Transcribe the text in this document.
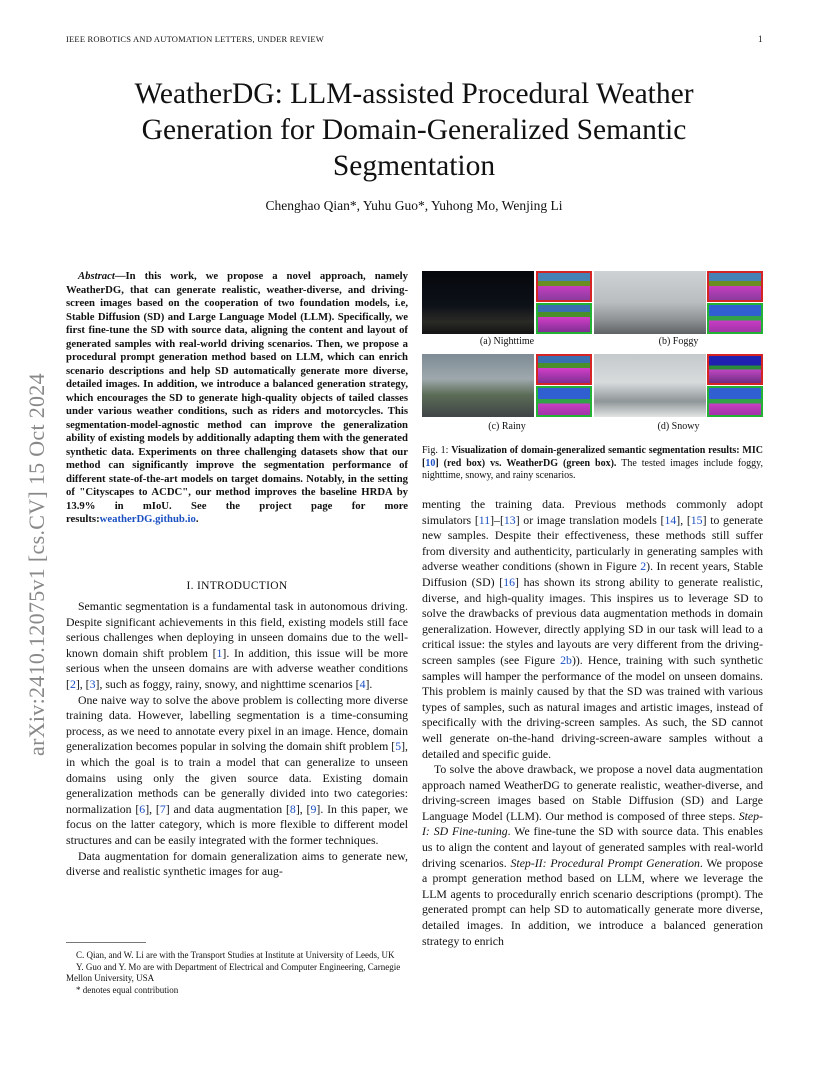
IEEE ROBOTICS AND AUTOMATION LETTERS, UNDER REVIEW	1
arXiv:2410.12075v1 [cs.CV] 15 Oct 2024
WeatherDG: LLM-assisted Procedural Weather Generation for Domain-Generalized Semantic Segmentation
Chenghao Qian*, Yuhu Guo*, Yuhong Mo, Wenjing Li

Abstract—In this work, we propose a novel approach, namely WeatherDG, that can generate realistic, weather-diverse, and driving-screen images based on the cooperation of two foundation models, i.e, Stable Diffusion (SD) and Large Language Model (LLM). Specifically, we first fine-tune the SD with source data, aligning the content and layout of generated samples with real-world driving scenarios. Then, we propose a procedural prompt generation method based on LLM, which can enrich scenario descriptions and help SD automatically generate more diverse, detailed images. In addition, we introduce a balanced generation strategy, which encourages the SD to generate high-quality objects of tailed classes under various weather conditions, such as riders and motorcycles. This segmentation-model-agnostic method can improve the generalization ability of existing models by additionally adapting them with the generated synthetic data. Experiments on three challenging datasets show that our method can significantly improve the segmentation performance of different state-of-the-art models on target domains. Notably, in the setting of "Cityscapes to ACDC", our method improves the baseline HRDA by 13.9% in mIoU. See the project page for more results:weatherDG.github.io.

I. INTRODUCTION

Semantic segmentation is a fundamental task in autonomous driving. Despite significant achievements in this field, existing models still face serious challenges when deploying in unseen domains due to the well-known domain shift problem [1]. In addition, this issue will be more serious when the unseen domains are with adverse weather conditions [2], [3], such as foggy, rainy, snowy, and nighttime scenarios [4].

One naive way to solve the above problem is collecting more diverse training data. However, labelling segmentation is a time-consuming process, as we need to annotate every pixel in an image. Hence, domain generalization becomes popular in solving the domain shift problem [5], in which the goal is to train a model that can generalize to unseen domains using only the given source data. Existing domain generalization methods can be generally divided into two categories: normalization [6], [7] and data augmentation [8], [9]. In this paper, we focus on the latter category, which is more flexible to different model structures and can be easily integrated with the former techniques.

Data augmentation for domain generalization aims to generate new, diverse and realistic synthetic images for aug-

C. Qian, and W. Li are with the Transport Studies at Institute at University of Leeds, UK

Y. Guo and Y. Mo are with Department of Electrical and Computer Engineering, Carnegie Mellon University, USA

* denotes equal contribution

(a) Nighttime	(b) Foggy
(c) Rainy	(d) Snowy
Fig. 1: Visualization of domain-generalized semantic segmentation results: MIC [10] (red box) vs. WeatherDG (green box). The tested images include foggy, nighttime, snowy, and rainy scenarios.

menting the training data. Previous methods commonly adopt simulators [11]–[13] or image translation models [14], [15] to generate new samples. Despite their effectiveness, these methods still suffer from diversity and authenticity, particularly in generating samples with adverse weather conditions (shown in Figure 2). In recent years, Stable Diffusion (SD) [16] has shown its strong ability to generate realistic, diverse, and high-quality images. This inspires us to leverage SD to solve the drawbacks of previous data augmentation methods in domain generalization. However, directly applying SD in our task will lead to a critical issue: the styles and layouts are very different from the driving-screen samples (see Figure 2b)). Hence, training with such synthetic samples will hamper the performance of the model on unseen domains. This problem is mainly caused by that the SD was trained with various types of samples, such as natural images and artistic images, instead of specifically with the driving-screen samples. As such, the SD cannot well generate on-the-hand driving-screen-aware samples without a detailed and specific guide.

To solve the above drawback, we propose a novel data augmentation approach named WeatherDG to generate realistic, weather-diverse, and driving-screen images based on Stable Diffusion (SD) and Large Language Model (LLM). Our method is composed of three steps. Step-I: SD Fine-tuning. We fine-tune the SD with source data. This enables us to align the content and layout of generated samples with real-world driving scenarios. Step-II: Procedural Prompt Generation. We propose a prompt generation method based on LLM, where we leverage the LLM agents to procedurally enrich scenario descriptions (prompt). The generated prompt can help SD to automatically generate more diverse, detailed images. In addition, we introduce a balanced generation strategy to enrich
